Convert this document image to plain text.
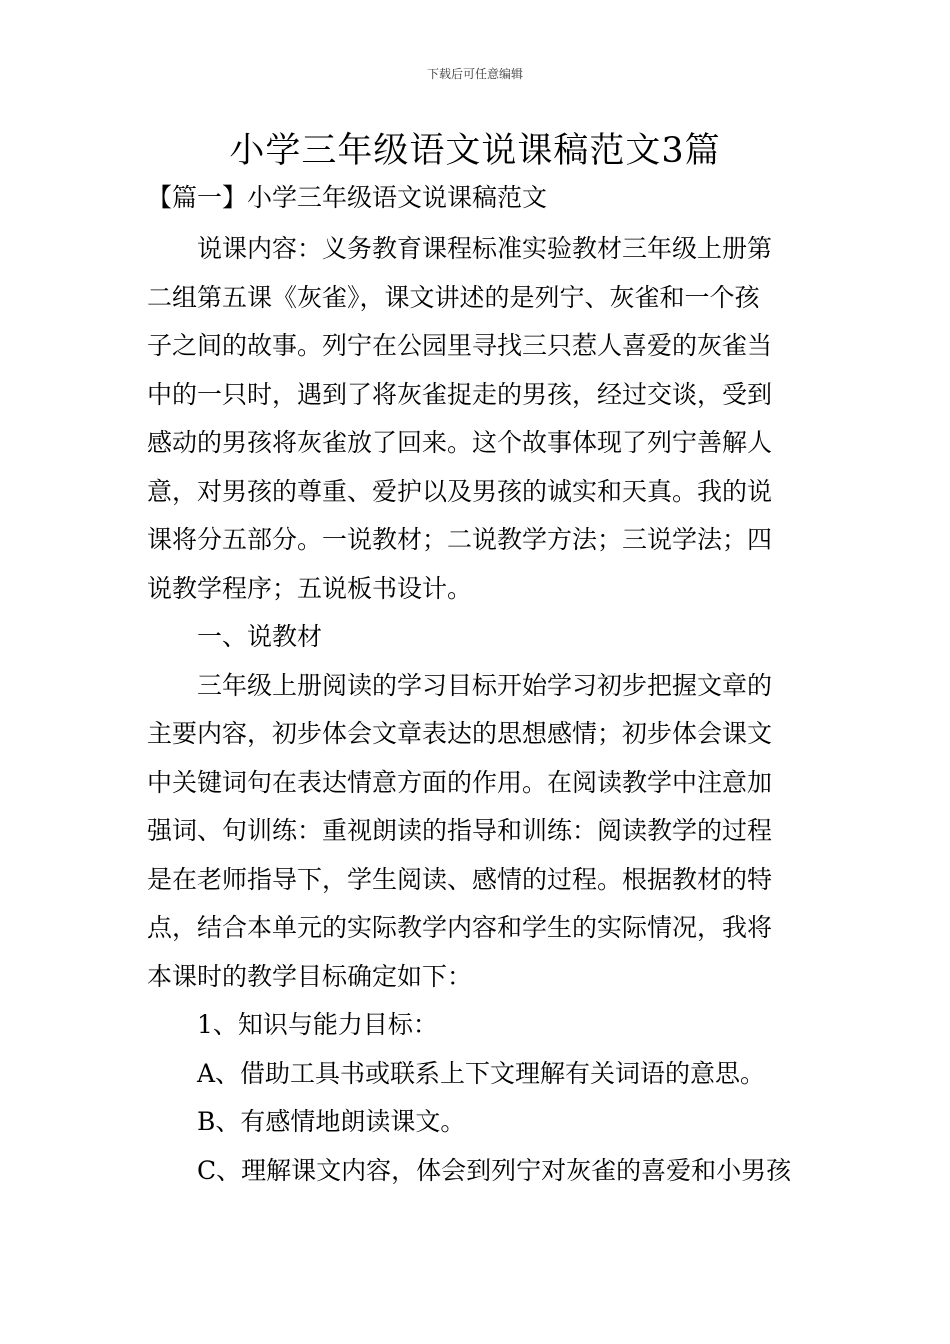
下载后可任意编辑
小学三年级语文说课稿范文3篇
【篇一】小学三年级语文说课稿范文
说课内容：义务教育课程标准实验教材三年级上册第
二组第五课《灰雀》，课文讲述的是列宁、灰雀和一个孩
子之间的故事。列宁在公园里寻找三只惹人喜爱的灰雀当
中的一只时，遇到了将灰雀捉走的男孩，经过交谈，受到
感动的男孩将灰雀放了回来。这个故事体现了列宁善解人
意，对男孩的尊重、爱护以及男孩的诚实和天真。我的说
课将分五部分。一说教材；二说教学方法；三说学法；四
说教学程序；五说板书设计。
一、说教材
三年级上册阅读的学习目标开始学习初步把握文章的
主要内容，初步体会文章表达的思想感情；初步体会课文
中关键词句在表达情意方面的作用。在阅读教学中注意加
强词、句训练：重视朗读的指导和训练：阅读教学的过程
是在老师指导下，学生阅读、感情的过程。根据教材的特
点，结合本单元的实际教学内容和学生的实际情况，我将
本课时的教学目标确定如下：
1、知识与能力目标：
A、借助工具书或联系上下文理解有关词语的意思。
B、有感情地朗读课文。
C、理解课文内容，体会到列宁对灰雀的喜爱和小男孩
